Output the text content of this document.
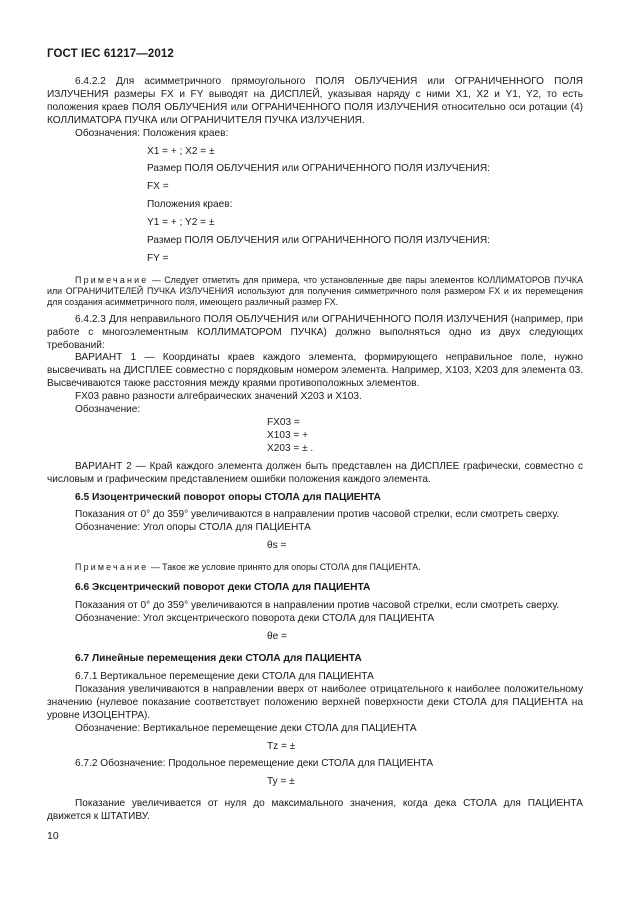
ГОСТ IEC 61217—2012

6.4.2.2 Для асимметричного прямоугольного ПОЛЯ ОБЛУЧЕНИЯ или ОГРАНИЧЕННОГО ПОЛЯ ИЗЛУЧЕНИЯ размеры FX и FY выводят на ДИСПЛЕЙ, указывая наряду с ними X1, X2 и Y1, Y2, то есть положения краев ПОЛЯ ОБЛУЧЕНИЯ или ОГРАНИЧЕННОГО ПОЛЯ ИЗЛУЧЕНИЯ относительно оси ротации (4) КОЛЛИМАТОРА ПУЧКА или ОГРАНИЧИТЕЛЯ ПУЧКА ИЗЛУЧЕНИЯ.

Обозначения: Положения краев:

X1 = + ; X2 = ±

Размер ПОЛЯ ОБЛУЧЕНИЯ или ОГРАНИЧЕННОГО ПОЛЯ ИЗЛУЧЕНИЯ:

FX =

Положения краев:

Y1 = + ; Y2 = ±

Размер ПОЛЯ ОБЛУЧЕНИЯ или ОГРАНИЧЕННОГО ПОЛЯ ИЗЛУЧЕНИЯ:

FY =

Примечание — Следует отметить для примера, что установленные две пары элементов КОЛЛИМАТОРОВ ПУЧКА или ОГРАНИЧИТЕЛЕЙ ПУЧКА ИЗЛУЧЕНИЯ используют для получения симметричного поля размером FX и их перемещения для создания асимметричного поля, имеющего различный размер FX.

6.4.2.3 Для неправильного ПОЛЯ ОБЛУЧЕНИЯ или ОГРАНИЧЕННОГО ПОЛЯ ИЗЛУЧЕНИЯ (например, при работе с многоэлементным КОЛЛИМАТОРОМ ПУЧКА) должно выполняться одно из двух следующих требований:

ВАРИАНТ 1 — Координаты краев каждого элемента, формирующего неправильное поле, нужно высвечивать на ДИСПЛЕЕ совместно с порядковым номером элемента. Например, X103, X203 для элемента 03. Высвечиваются также расстояния между краями противоположных элементов.

FX03 равно разности алгебраических значений X203 и X103.

Обозначение:

FX03 =

X103 = +

X203 = ± .

ВАРИАНТ 2 — Край каждого элемента должен быть представлен на ДИСПЛЕЕ графически, совместно с числовым и графическим представлением ошибки положения каждого элемента.

6.5 Изоцентрический поворот опоры СТОЛА для ПАЦИЕНТА

Показания от 0° до 359° увеличиваются в направлении против часовой стрелки, если смотреть сверху.

Обозначение: Угол опоры СТОЛА для ПАЦИЕНТА

θs =

Примечание — Такое же условие принято для опоры СТОЛА для ПАЦИЕНТА.

6.6 Эксцентрический поворот деки СТОЛА для ПАЦИЕНТА

Показания от 0° до 359° увеличиваются в направлении против часовой стрелки, если смотреть сверху.

Обозначение: Угол эксцентрического поворота деки СТОЛА для ПАЦИЕНТА

θe =

6.7 Линейные перемещения деки СТОЛА для ПАЦИЕНТА

6.7.1 Вертикальное перемещение деки СТОЛА для ПАЦИЕНТА

Показания увеличиваются в направлении вверх от наиболее отрицательного к наиболее положительному значению (нулевое показание соответствует положению верхней поверхности деки СТОЛА для ПАЦИЕНТА на уровне ИЗОЦЕНТРА).

Обозначение: Вертикальное перемещение деки СТОЛА для ПАЦИЕНТА

Tz = ±

6.7.2 Обозначение: Продольное перемещение деки СТОЛА для ПАЦИЕНТА

Ty = ±

Показание увеличивается от нуля до максимального значения, когда дека СТОЛА для ПАЦИЕНТА движется к ШТАТИВУ.

10
